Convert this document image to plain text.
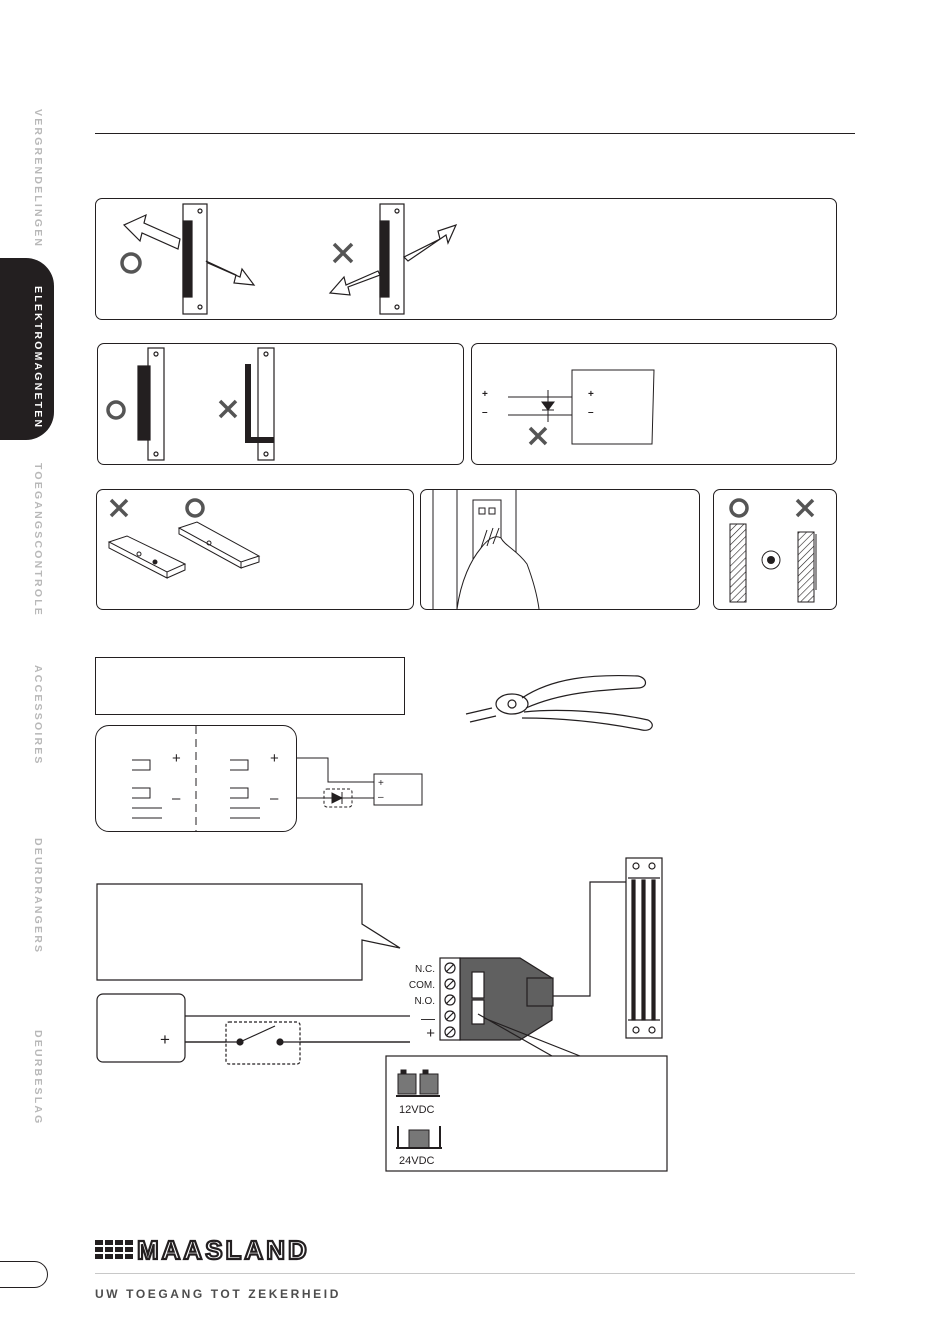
VERGRENDELINGEN
ELEKTROMAGNETEN
TOEGANGSCONTROLE
ACCESSOIRES
DEURDRANGERS
DEURBESLAG
+
–
+
–
+
–
+
–
+
–
N.C.
COM.
N.O.
—
+
+
12VDC
24VDC
MAASLAND
UW TOEGANG TOT ZEKERHEID
